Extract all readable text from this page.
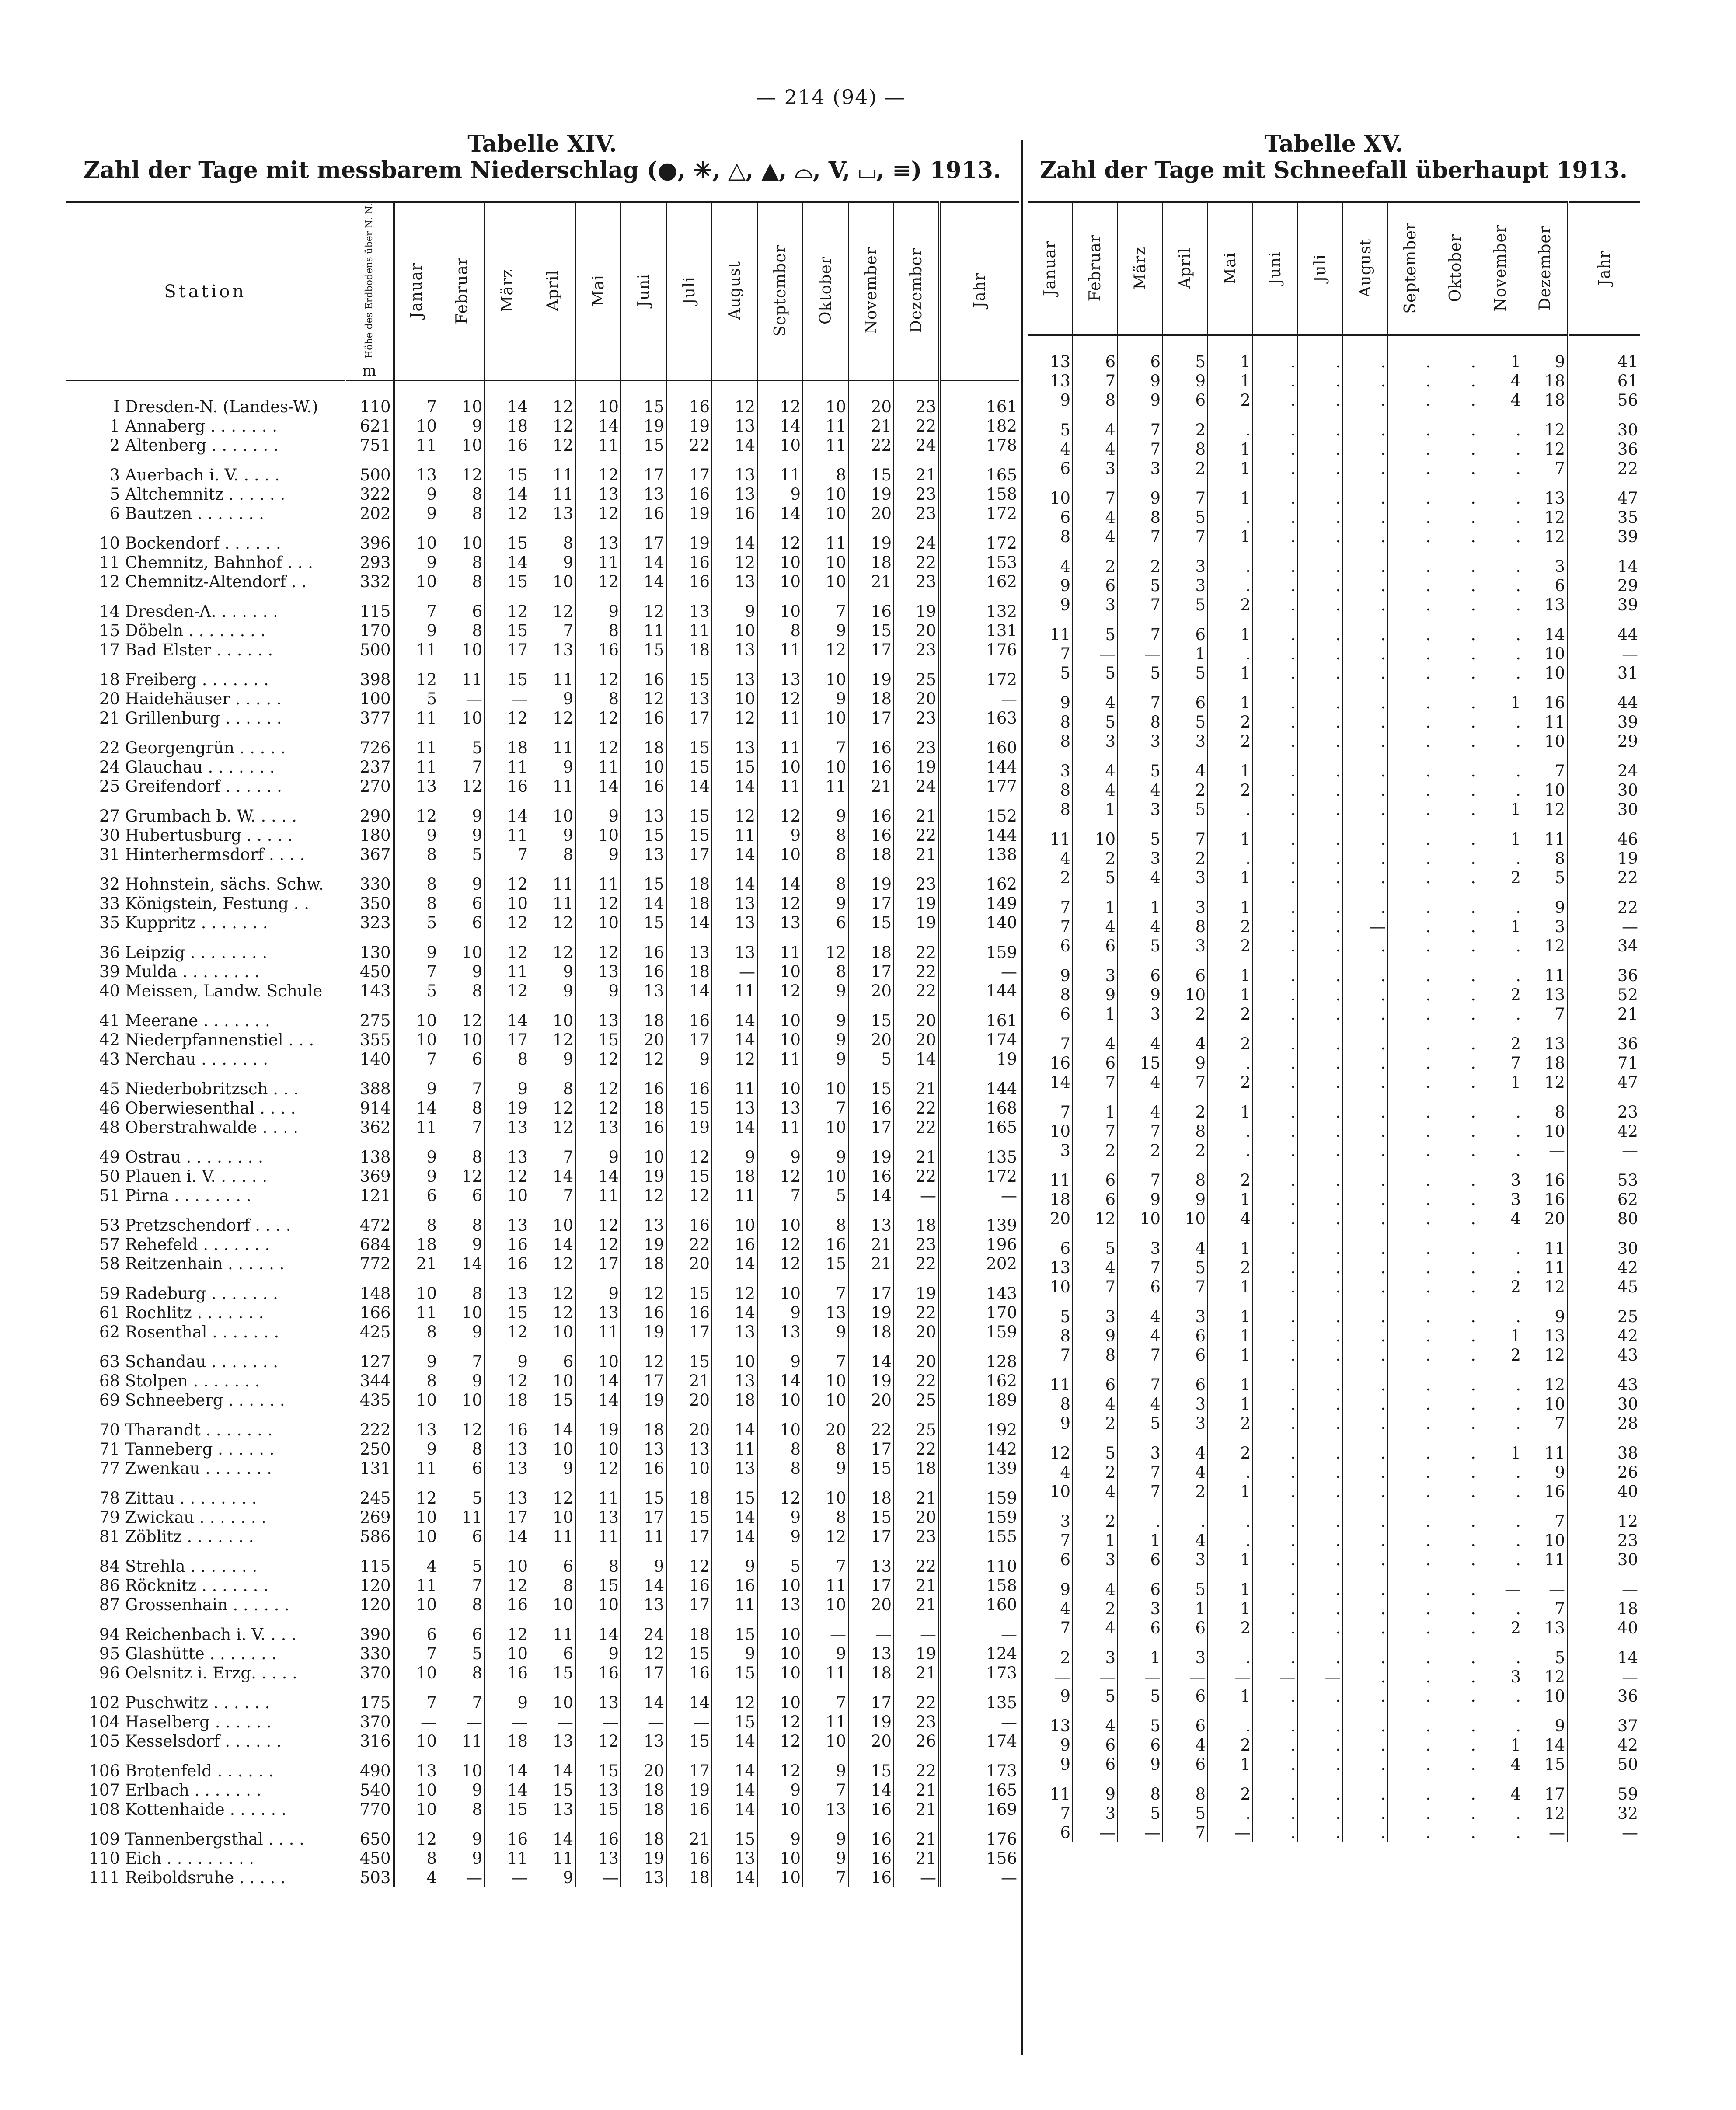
— 214 (94) —
Tabelle XIV.
Zahl der Tage mit messbarem Niederschlag (●, ✳, △, ▲, ⌓, V, ⌴, ≡) 1913.
Tabelle XV.
Zahl der Tage mit Schneefall überhaupt 1913.
Station	Höhe des Erdbodens über N. N.
m	Januar	Februar	März	April	Mai	Juni	Juli	August	September	Oktober	November	Dezember	Jahr
I Dresden-N. (Landes-W.)	110	7	10	14	12	10	15	16	12	12	10	20	23	161
1 Annaberg . . . . . . .	621	10	9	18	12	14	19	19	13	14	11	21	22	182
2 Altenberg . . . . . . .	751	11	10	16	12	11	15	22	14	10	11	22	24	178
3 Auerbach i. V. . . . .	500	13	12	15	11	12	17	17	13	11	8	15	21	165
5 Altchemnitz . . . . . .	322	9	8	14	11	13	13	16	13	9	10	19	23	158
6 Bautzen . . . . . . .	202	9	8	12	13	12	16	19	16	14	10	20	23	172
10 Bockendorf . . . . . .	396	10	10	15	8	13	17	19	14	12	11	19	24	172
11 Chemnitz, Bahnhof . . .	293	9	8	14	9	11	14	16	12	10	10	18	22	153
12 Chemnitz-Altendorf . .	332	10	8	15	10	12	14	16	13	10	10	21	23	162
14 Dresden-A. . . . . . .	115	7	6	12	12	9	12	13	9	10	7	16	19	132
15 Döbeln . . . . . . . .	170	9	8	15	7	8	11	11	10	8	9	15	20	131
17 Bad Elster . . . . . .	500	11	10	17	13	16	15	18	13	11	12	17	23	176
18 Freiberg . . . . . . .	398	12	11	15	11	12	16	15	13	13	10	19	25	172
20 Haidehäuser . . . . .	100	5	—	—	9	8	12	13	10	12	9	18	20	—
21 Grillenburg . . . . . .	377	11	10	12	12	12	16	17	12	11	10	17	23	163
22 Georgengrün . . . . .	726	11	5	18	11	12	18	15	13	11	7	16	23	160
24 Glauchau . . . . . . .	237	11	7	11	9	11	10	15	15	10	10	16	19	144
25 Greifendorf . . . . . .	270	13	12	16	11	14	16	14	14	11	11	21	24	177
27 Grumbach b. W. . . . .	290	12	9	14	10	9	13	15	12	12	9	16	21	152
30 Hubertusburg . . . . .	180	9	9	11	9	10	15	15	11	9	8	16	22	144
31 Hinterhermsdorf . . . .	367	8	5	7	8	9	13	17	14	10	8	18	21	138
32 Hohnstein, sächs. Schw.	330	8	9	12	11	11	15	18	14	14	8	19	23	162
33 Königstein, Festung . .	350	8	6	10	11	12	14	18	13	12	9	17	19	149
35 Kuppritz . . . . . . .	323	5	6	12	12	10	15	14	13	13	6	15	19	140
36 Leipzig . . . . . . . .	130	9	10	12	12	12	16	13	13	11	12	18	22	159
39 Mulda . . . . . . . .	450	7	9	11	9	13	16	18	—	10	8	17	22	—
40 Meissen, Landw. Schule	143	5	8	12	9	9	13	14	11	12	9	20	22	144
41 Meerane . . . . . . .	275	10	12	14	10	13	18	16	14	10	9	15	20	161
42 Niederpfannenstiel . . .	355	10	10	17	12	15	20	17	14	10	9	20	20	174
43 Nerchau . . . . . . .	140	7	6	8	9	12	12	9	12	11	9	5	14	19
45 Niederbobritzsch . . .	388	9	7	9	8	12	16	16	11	10	10	15	21	144
46 Oberwiesenthal . . . .	914	14	8	19	12	12	18	15	13	13	7	16	22	168
48 Oberstrahwalde . . . .	362	11	7	13	12	13	16	19	14	11	10	17	22	165
49 Ostrau . . . . . . . .	138	9	8	13	7	9	10	12	9	9	9	19	21	135
50 Plauen i. V. . . . . .	369	9	12	12	14	14	19	15	18	12	10	16	22	172
51 Pirna . . . . . . . .	121	6	6	10	7	11	12	12	11	7	5	14	—	—
53 Pretzschendorf . . . .	472	8	8	13	10	12	13	16	10	10	8	13	18	139
57 Rehefeld . . . . . . .	684	18	9	16	14	12	19	22	16	12	16	21	23	196
58 Reitzenhain . . . . . .	772	21	14	16	12	17	18	20	14	12	15	21	22	202
59 Radeburg . . . . . . .	148	10	8	13	12	9	12	15	12	10	7	17	19	143
61 Rochlitz . . . . . . .	166	11	10	15	12	13	16	16	14	9	13	19	22	170
62 Rosenthal . . . . . . .	425	8	9	12	10	11	19	17	13	13	9	18	20	159
63 Schandau . . . . . . .	127	9	7	9	6	10	12	15	10	9	7	14	20	128
68 Stolpen . . . . . . .	344	8	9	12	10	14	17	21	13	14	10	19	22	162
69 Schneeberg . . . . . .	435	10	10	18	15	14	19	20	18	10	10	20	25	189
70 Tharandt . . . . . . .	222	13	12	16	14	19	18	20	14	10	20	22	25	192
71 Tanneberg . . . . . .	250	9	8	13	10	10	13	13	11	8	8	17	22	142
77 Zwenkau . . . . . . .	131	11	6	13	9	12	16	10	13	8	9	15	18	139
78 Zittau . . . . . . . .	245	12	5	13	12	11	15	18	15	12	10	18	21	159
79 Zwickau . . . . . . .	269	10	11	17	10	13	17	15	14	9	8	15	20	159
81 Zöblitz . . . . . . .	586	10	6	14	11	11	11	17	14	9	12	17	23	155
84 Strehla . . . . . . .	115	4	5	10	6	8	9	12	9	5	7	13	22	110
86 Röcknitz . . . . . . .	120	11	7	12	8	15	14	16	16	10	11	17	21	158
87 Grossenhain . . . . . .	120	10	8	16	10	10	13	17	11	13	10	20	21	160
94 Reichenbach i. V. . . .	390	6	6	12	11	14	24	18	15	10	—	—	—	—
95 Glashütte . . . . . . .	330	7	5	10	6	9	12	15	9	10	9	13	19	124
96 Oelsnitz i. Erzg. . . . .	370	10	8	16	15	16	17	16	15	10	11	18	21	173
102 Puschwitz . . . . . .	175	7	7	9	10	13	14	14	12	10	7	17	22	135
104 Haselberg . . . . . .	370	—	—	—	—	—	—	—	15	12	11	19	23	—
105 Kesselsdorf . . . . . .	316	10	11	18	13	12	13	15	14	12	10	20	26	174
106 Brotenfeld . . . . . .	490	13	10	14	14	15	20	17	14	12	9	15	22	173
107 Erlbach . . . . . . .	540	10	9	14	15	13	18	19	14	9	7	14	21	165
108 Kottenhaide . . . . . .	770	10	8	15	13	15	18	16	14	10	13	16	21	169
109 Tannenbergsthal . . . .	650	12	9	16	14	16	18	21	15	9	9	16	21	176
110 Eich . . . . . . . . .	450	8	9	11	11	13	19	16	13	10	9	16	21	156
111 Reiboldsruhe . . . . .	503	4	—	—	9	—	13	18	14	10	7	16	—	—
Januar	Februar	März	April	Mai	Juni	Juli	August	September	Oktober	November	Dezember	Jahr
13	6	6	5	1	.	.	.	.	.	1	9	41
13	7	9	9	1	.	.	.	.	.	4	18	61
9	8	9	6	2	.	.	.	.	.	4	18	56
5	4	7	2	.	.	.	.	.	.	.	12	30
4	4	7	8	1	.	.	.	.	.	.	12	36
6	3	3	2	1	.	.	.	.	.	.	7	22
10	7	9	7	1	.	.	.	.	.	.	13	47
6	4	8	5	.	.	.	.	.	.	.	12	35
8	4	7	7	1	.	.	.	.	.	.	12	39
4	2	2	3	.	.	.	.	.	.	.	3	14
9	6	5	3	.	.	.	.	.	.	.	6	29
9	3	7	5	2	.	.	.	.	.	.	13	39
11	5	7	6	1	.	.	.	.	.	.	14	44
7	—	—	1	.	.	.	.	.	.	.	10	—
5	5	5	5	1	.	.	.	.	.	.	10	31
9	4	7	6	1	.	.	.	.	.	1	16	44
8	5	8	5	2	.	.	.	.	.	.	11	39
8	3	3	3	2	.	.	.	.	.	.	10	29
3	4	5	4	1	.	.	.	.	.	.	7	24
8	4	4	2	2	.	.	.	.	.	.	10	30
8	1	3	5	.	.	.	.	.	.	1	12	30
11	10	5	7	1	.	.	.	.	.	1	11	46
4	2	3	2	.	.	.	.	.	.	.	8	19
2	5	4	3	1	.	.	.	.	.	2	5	22
7	1	1	3	1	.	.	.	.	.	.	9	22
7	4	4	8	2	.	.	—	.	.	1	3	—
6	6	5	3	2	.	.	.	.	.	.	12	34
9	3	6	6	1	.	.	.	.	.	.	11	36
8	9	9	10	1	.	.	.	.	.	2	13	52
6	1	3	2	2	.	.	.	.	.	.	7	21
7	4	4	4	2	.	.	.	.	.	2	13	36
16	6	15	9	.	.	.	.	.	.	7	18	71
14	7	4	7	2	.	.	.	.	.	1	12	47
7	1	4	2	1	.	.	.	.	.	.	8	23
10	7	7	8	.	.	.	.	.	.	.	10	42
3	2	2	2	.	.	.	.	.	.	.	—	—
11	6	7	8	2	.	.	.	.	.	3	16	53
18	6	9	9	1	.	.	.	.	.	3	16	62
20	12	10	10	4	.	.	.	.	.	4	20	80
6	5	3	4	1	.	.	.	.	.	.	11	30
13	4	7	5	2	.	.	.	.	.	.	11	42
10	7	6	7	1	.	.	.	.	.	2	12	45
5	3	4	3	1	.	.	.	.	.	.	9	25
8	9	4	6	1	.	.	.	.	.	1	13	42
7	8	7	6	1	.	.	.	.	.	2	12	43
11	6	7	6	1	.	.	.	.	.	.	12	43
8	4	4	3	1	.	.	.	.	.	.	10	30
9	2	5	3	2	.	.	.	.	.	.	7	28
12	5	3	4	2	.	.	.	.	.	1	11	38
4	2	7	4	.	.	.	.	.	.	.	9	26
10	4	7	2	1	.	.	.	.	.	.	16	40
3	2	.	.	.	.	.	.	.	.	.	7	12
7	1	1	4	.	.	.	.	.	.	.	10	23
6	3	6	3	1	.	.	.	.	.	.	11	30
9	4	6	5	1	.	.	.	.	.	—	—	—
4	2	3	1	1	.	.	.	.	.	.	7	18
7	4	6	6	2	.	.	.	.	.	2	13	40
2	3	1	3	.	.	.	.	.	.	.	5	14
—	—	—	—	—	—	—	.	.	.	3	12	—
9	5	5	6	1	.	.	.	.	.	.	10	36
13	4	5	6	.	.	.	.	.	.	.	9	37
9	6	6	4	2	.	.	.	.	.	1	14	42
9	6	9	6	1	.	.	.	.	.	4	15	50
11	9	8	8	2	.	.	.	.	.	4	17	59
7	3	5	5	.	.	.	.	.	.	.	12	32
6	—	—	7	—	.	.	.	.	.	.	—	—
